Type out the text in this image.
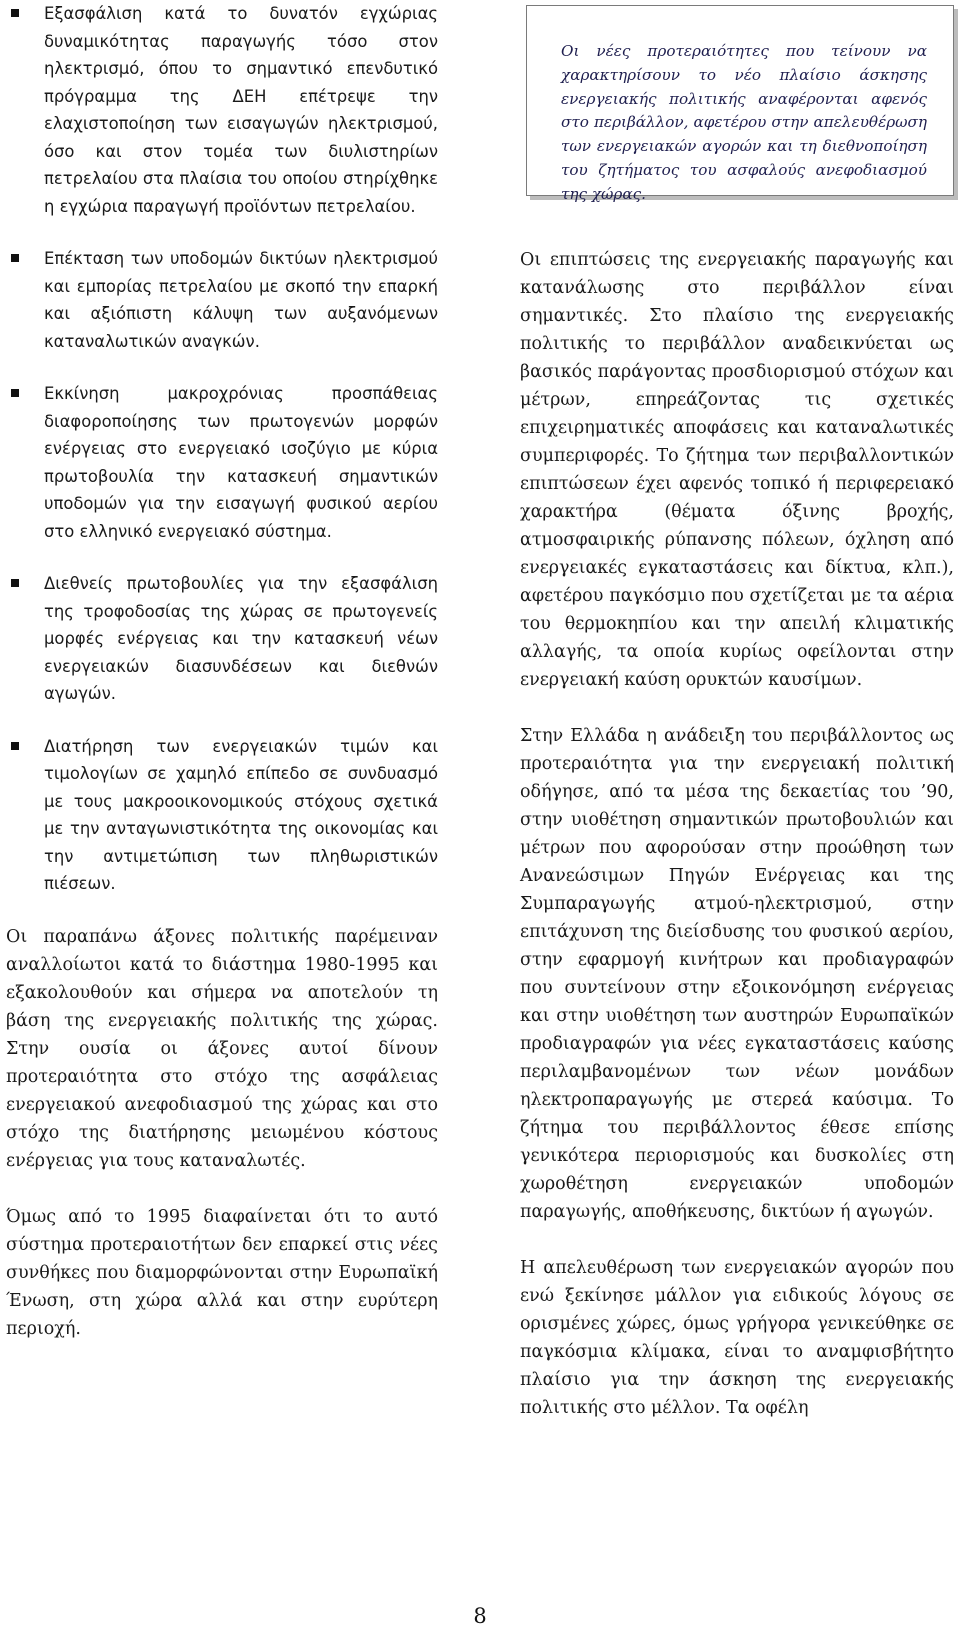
Εξασφάλιση κατά το δυνατόν εγχώριας δυναμικότητας παραγωγής τόσο στον ηλεκτρισμό, όπου το σημαντικό επενδυτικό πρόγραμμα της ΔΕΗ επέτρεψε την ελαχιστοποίηση των εισαγωγών ηλεκτρισμού, όσο και στον τομέα των διυλιστηρίων πετρελαίου στα πλαίσια του οποίου στηρίχθηκε η εγχώρια παραγωγή προϊόντων πετρελαίου.
Επέκταση των υποδομών δικτύων ηλεκτρισμού και εμπορίας πετρελαίου με σκοπό την επαρκή και αξιόπιστη κάλυψη των αυξανόμενων καταναλωτικών αναγκών.
Εκκίνηση μακροχρόνιας προσπάθειας διαφοροποίησης των πρωτογενών μορφών ενέργειας στο ενεργειακό ισοζύγιο με κύρια πρωτοβουλία την κατασκευή σημαντικών υποδομών για την εισαγωγή φυσικού αερίου στο ελληνικό ενεργειακό σύστημα.
Διεθνείς πρωτοβουλίες για την εξασφάλιση της τροφοδοσίας της χώρας σε πρωτογενείς μορφές ενέργειας και την κατασκευή νέων ενεργειακών διασυνδέσεων και διεθνών αγωγών.
Διατήρηση των ενεργειακών τιμών και τιμολογίων σε χαμηλό επίπεδο σε συνδυασμό με τους μακροοικονομικούς στόχους σχετικά με την ανταγωνιστικότητα της οικονομίας και την αντιμετώπιση των πληθωριστικών πιέσεων.

Οι παραπάνω άξονες πολιτικής παρέμειναν αναλλοίωτοι κατά το διάστημα 1980-1995 και εξακολουθούν και σήμερα να αποτελούν τη βάση της ενεργειακής πολιτικής της χώρας. Στην ουσία οι άξονες αυτοί δίνουν προτεραιότητα στο στόχο της ασφάλειας ενεργειακού ανεφοδιασμού της χώρας και στο στόχο της διατήρησης μειωμένου κόστους ενέργειας για τους καταναλωτές.

Όμως από το 1995 διαφαίνεται ότι το αυτό σύστημα προτεραιοτήτων δεν επαρκεί στις νέες συνθήκες που διαμορφώνονται στην Ευρωπαϊκή Ένωση, στη χώρα αλλά και στην ευρύτερη περιοχή.

Οι νέες προτεραιότητες που τείνουν να χαρακτηρίσουν το νέο πλαίσιο άσκησης ενεργειακής πολιτικής αναφέρονται αφενός στο περιβάλλον, αφετέρου στην απελευθέρωση των ενεργειακών αγορών και τη διεθνοποίηση του ζητήματος του ασφαλούς ανεφοδιασμού της χώρας.

Οι επιπτώσεις της ενεργειακής παραγωγής και κατανάλωσης στο περιβάλλον είναι σημαντικές. Στο πλαίσιο της ενεργειακής πολιτικής το περιβάλλον αναδεικνύεται ως βασικός παράγοντας προσδιορισμού στόχων και μέτρων, επηρεάζοντας τις σχετικές επιχειρηματικές αποφάσεις και καταναλωτικές συμπεριφορές. Το ζήτημα των περιβαλλοντικών επιπτώσεων έχει αφενός τοπικό ή περιφερειακό χαρακτήρα (θέματα όξινης βροχής, ατμοσφαιρικής ρύπανσης πόλεων, όχληση από ενεργειακές εγκαταστάσεις και δίκτυα, κλπ.), αφετέρου παγκόσμιο που σχετίζεται με τα αέρια του θερμοκηπίου και την απειλή κλιματικής αλλαγής, τα οποία κυρίως οφείλονται στην ενεργειακή καύση ορυκτών καυσίμων.

Στην Ελλάδα η ανάδειξη του περιβάλλοντος ως προτεραιότητα για την ενεργειακή πολιτική οδήγησε, από τα μέσα της δεκαετίας του ’90, στην υιοθέτηση σημαντικών πρωτοβουλιών και μέτρων που αφορούσαν στην προώθηση των Ανανεώσιμων Πηγών Ενέργειας και της Συμπαραγωγής ατμού-ηλεκτρισμού, στην επιτάχυνση της διείσδυσης του φυσικού αερίου, στην εφαρμογή κινήτρων και προδιαγραφών που συντείνουν στην εξοικονόμηση ενέργειας και στην υιοθέτηση των αυστηρών Ευρωπαϊκών προδιαγραφών για νέες εγκαταστάσεις καύσης περιλαμβανομένων των νέων μονάδων ηλεκτροπαραγωγής με στερεά καύσιμα. Το ζήτημα του περιβάλλοντος έθεσε επίσης γενικότερα περιορισμούς και δυσκολίες στη χωροθέτηση ενεργειακών υποδομών παραγωγής, αποθήκευσης, δικτύων ή αγωγών.

Η απελευθέρωση των ενεργειακών αγορών που ενώ ξεκίνησε μάλλον για ειδικούς λόγους σε ορισμένες χώρες, όμως γρήγορα γενικεύθηκε σε παγκόσμια κλίμακα, είναι το αναμφισβήτητο πλαίσιο για την άσκηση της ενεργειακής πολιτικής στο μέλλον. Τα οφέλη

8
